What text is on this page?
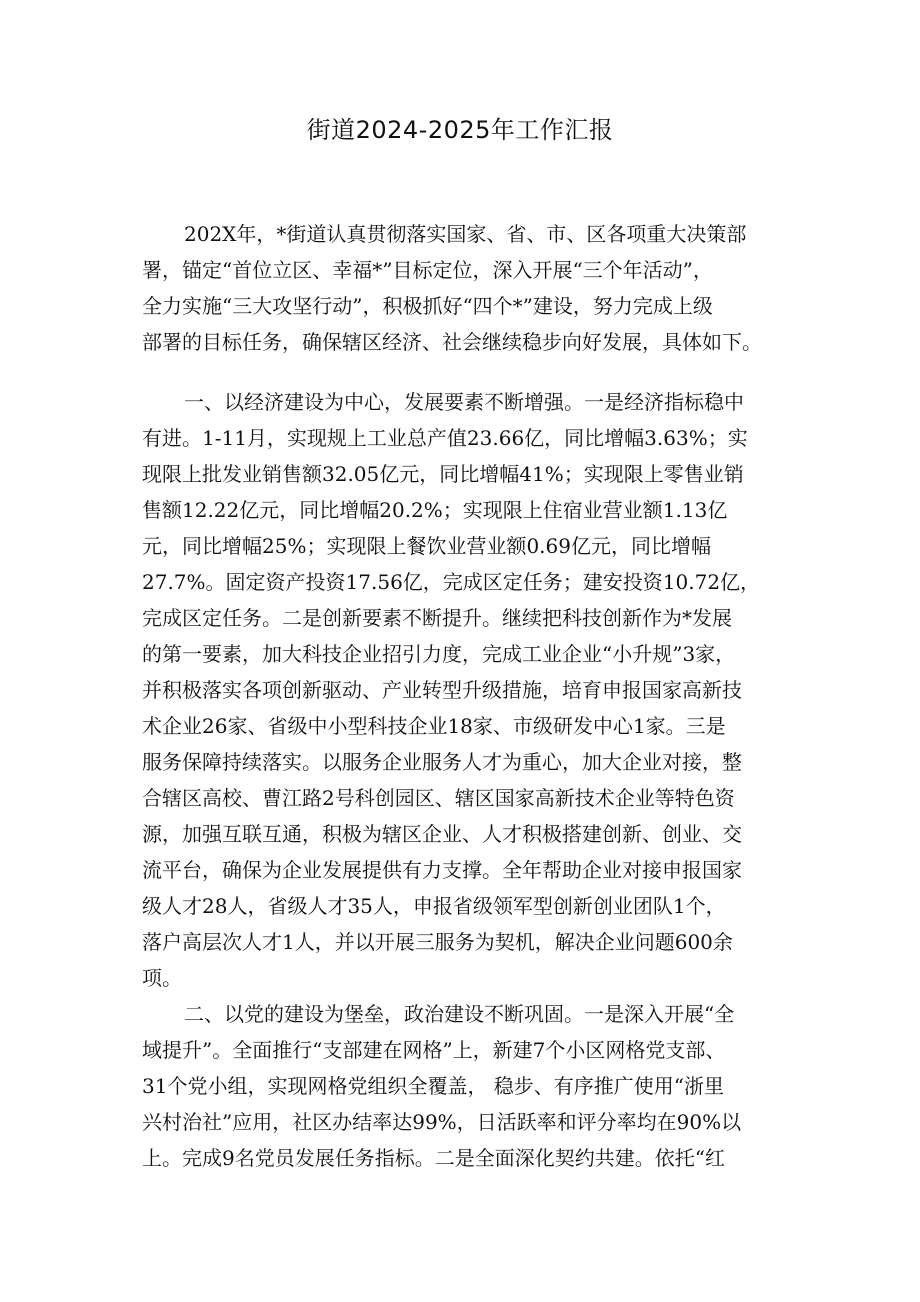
街道2024-2025年工作汇报
202X年，*街道认真贯彻落实国家、省、市、区各项重大决策部
署，锚定“首位立区、幸福*”目标定位，深入开展“三个年活动”，
全力实施“三大攻坚行动”，积极抓好“四个*”建设，努力完成上级
部署的目标任务，确保辖区经济、社会继续稳步向好发展，具体如下。
一、以经济建设为中心，发展要素不断增强。一是经济指标稳中
有进。1-11月，实现规上工业总产值23.66亿，同比增幅3.63%；实
现限上批发业销售额32.05亿元，同比增幅41%；实现限上零售业销
售额12.22亿元，同比增幅20.2%；实现限上住宿业营业额1.13亿
元，同比增幅25%；实现限上餐饮业营业额0.69亿元，同比增幅
27.7%。固定资产投资17.56亿，完成区定任务；建安投资10.72亿，
完成区定任务。二是创新要素不断提升。继续把科技创新作为*发展
的第一要素，加大科技企业招引力度，完成工业企业“小升规”3家，
并积极落实各项创新驱动、产业转型升级措施，培育申报国家高新技
术企业26家、省级中小型科技企业18家、市级研发中心1家。三是
服务保障持续落实。以服务企业服务人才为重心，加大企业对接，整
合辖区高校、曹江路2号科创园区、辖区国家高新技术企业等特色资
源，加强互联互通，积极为辖区企业、人才积极搭建创新、创业、交
流平台，确保为企业发展提供有力支撑。全年帮助企业对接申报国家
级人才28人，省级人才35人，申报省级领军型创新创业团队1个，
落户高层次人才1人，并以开展三服务为契机，解决企业问题600余
项。
二、以党的建设为堡垒，政治建设不断巩固。一是深入开展“全
域提升”。全面推行“支部建在网格”上，新建7个小区网格党支部、
31个党小组，实现网格党组织全覆盖， 稳步、有序推广使用“浙里
兴村治社”应用，社区办结率达99%，日活跃率和评分率均在90%以
上。完成9名党员发展任务指标。二是全面深化契约共建。依托“红
